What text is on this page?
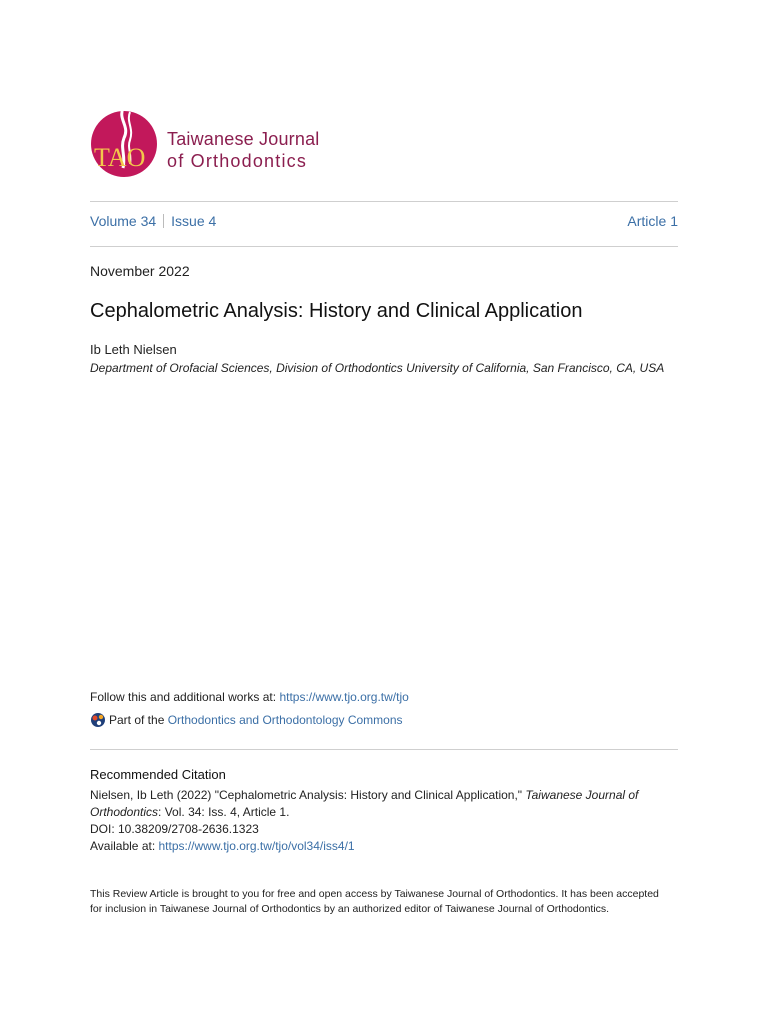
TAO
Taiwanese Journal
of Orthodontics
Volume 34 Issue 4	Article 1
November 2022
Cephalometric Analysis: History and Clinical Application
Ib Leth Nielsen
Department of Orofacial Sciences, Division of Orthodontics University of California, San Francisco, CA, USA
Follow this and additional works at: https://www.tjo.org.tw/tjo
Part of the
Orthodontics and Orthodontology Commons
Recommended Citation
Nielsen, Ib Leth (2022) "Cephalometric Analysis: History and Clinical Application," Taiwanese Journal of
Orthodontics: Vol. 34: Iss. 4, Article 1.
DOI: 10.38209/2708-2636.1323
Available at: https://www.tjo.org.tw/tjo/vol34/iss4/1
This Review Article is brought to you for free and open access by Taiwanese Journal of Orthodontics. It has been accepted for inclusion in Taiwanese Journal of Orthodontics by an authorized editor of Taiwanese Journal of Orthodontics.
